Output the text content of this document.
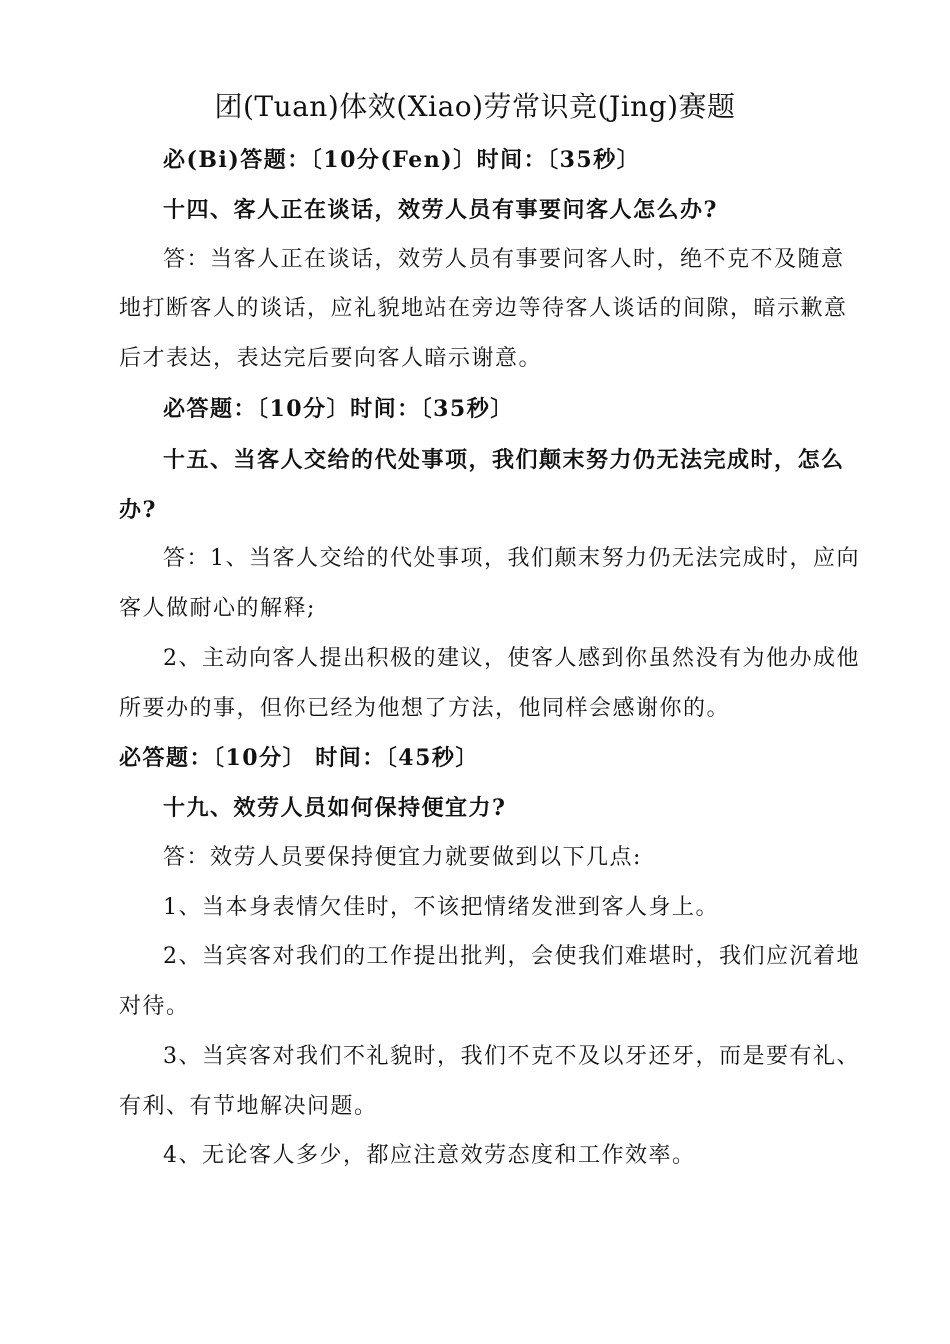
团(Tuan)体效(Xiao)劳常识竞(Jing)赛题
必(Bi)答题：〔10分(Fen)〕时间：〔35秒〕
十四、客人正在谈话，效劳人员有事要问客人怎么办?
答：当客人正在谈话，效劳人员有事要问客人时，绝不克不及随意
地打断客人的谈话，应礼貌地站在旁边等待客人谈话的间隙，暗示歉意
后才表达，表达完后要向客人暗示谢意。
必答题：〔10分〕时间：〔35秒〕
十五、当客人交给的代处事项，我们颠末努力仍无法完成时，怎么
办?
答：1、当客人交给的代处事项，我们颠末努力仍无法完成时，应向
客人做耐心的解释;
2、主动向客人提出积极的建议，使客人感到你虽然没有为他办成他
所要办的事，但你已经为他想了方法，他同样会感谢你的。
必答题：〔10分〕 时间：〔45秒〕
十九、效劳人员如何保持便宜力?
答：效劳人员要保持便宜力就要做到以下几点:
1、当本身表情欠佳时，不该把情绪发泄到客人身上。
2、当宾客对我们的工作提出批判，会使我们难堪时，我们应沉着地
对待。
3、当宾客对我们不礼貌时，我们不克不及以牙还牙，而是要有礼、
有利、有节地解决问题。
4、无论客人多少，都应注意效劳态度和工作效率。
